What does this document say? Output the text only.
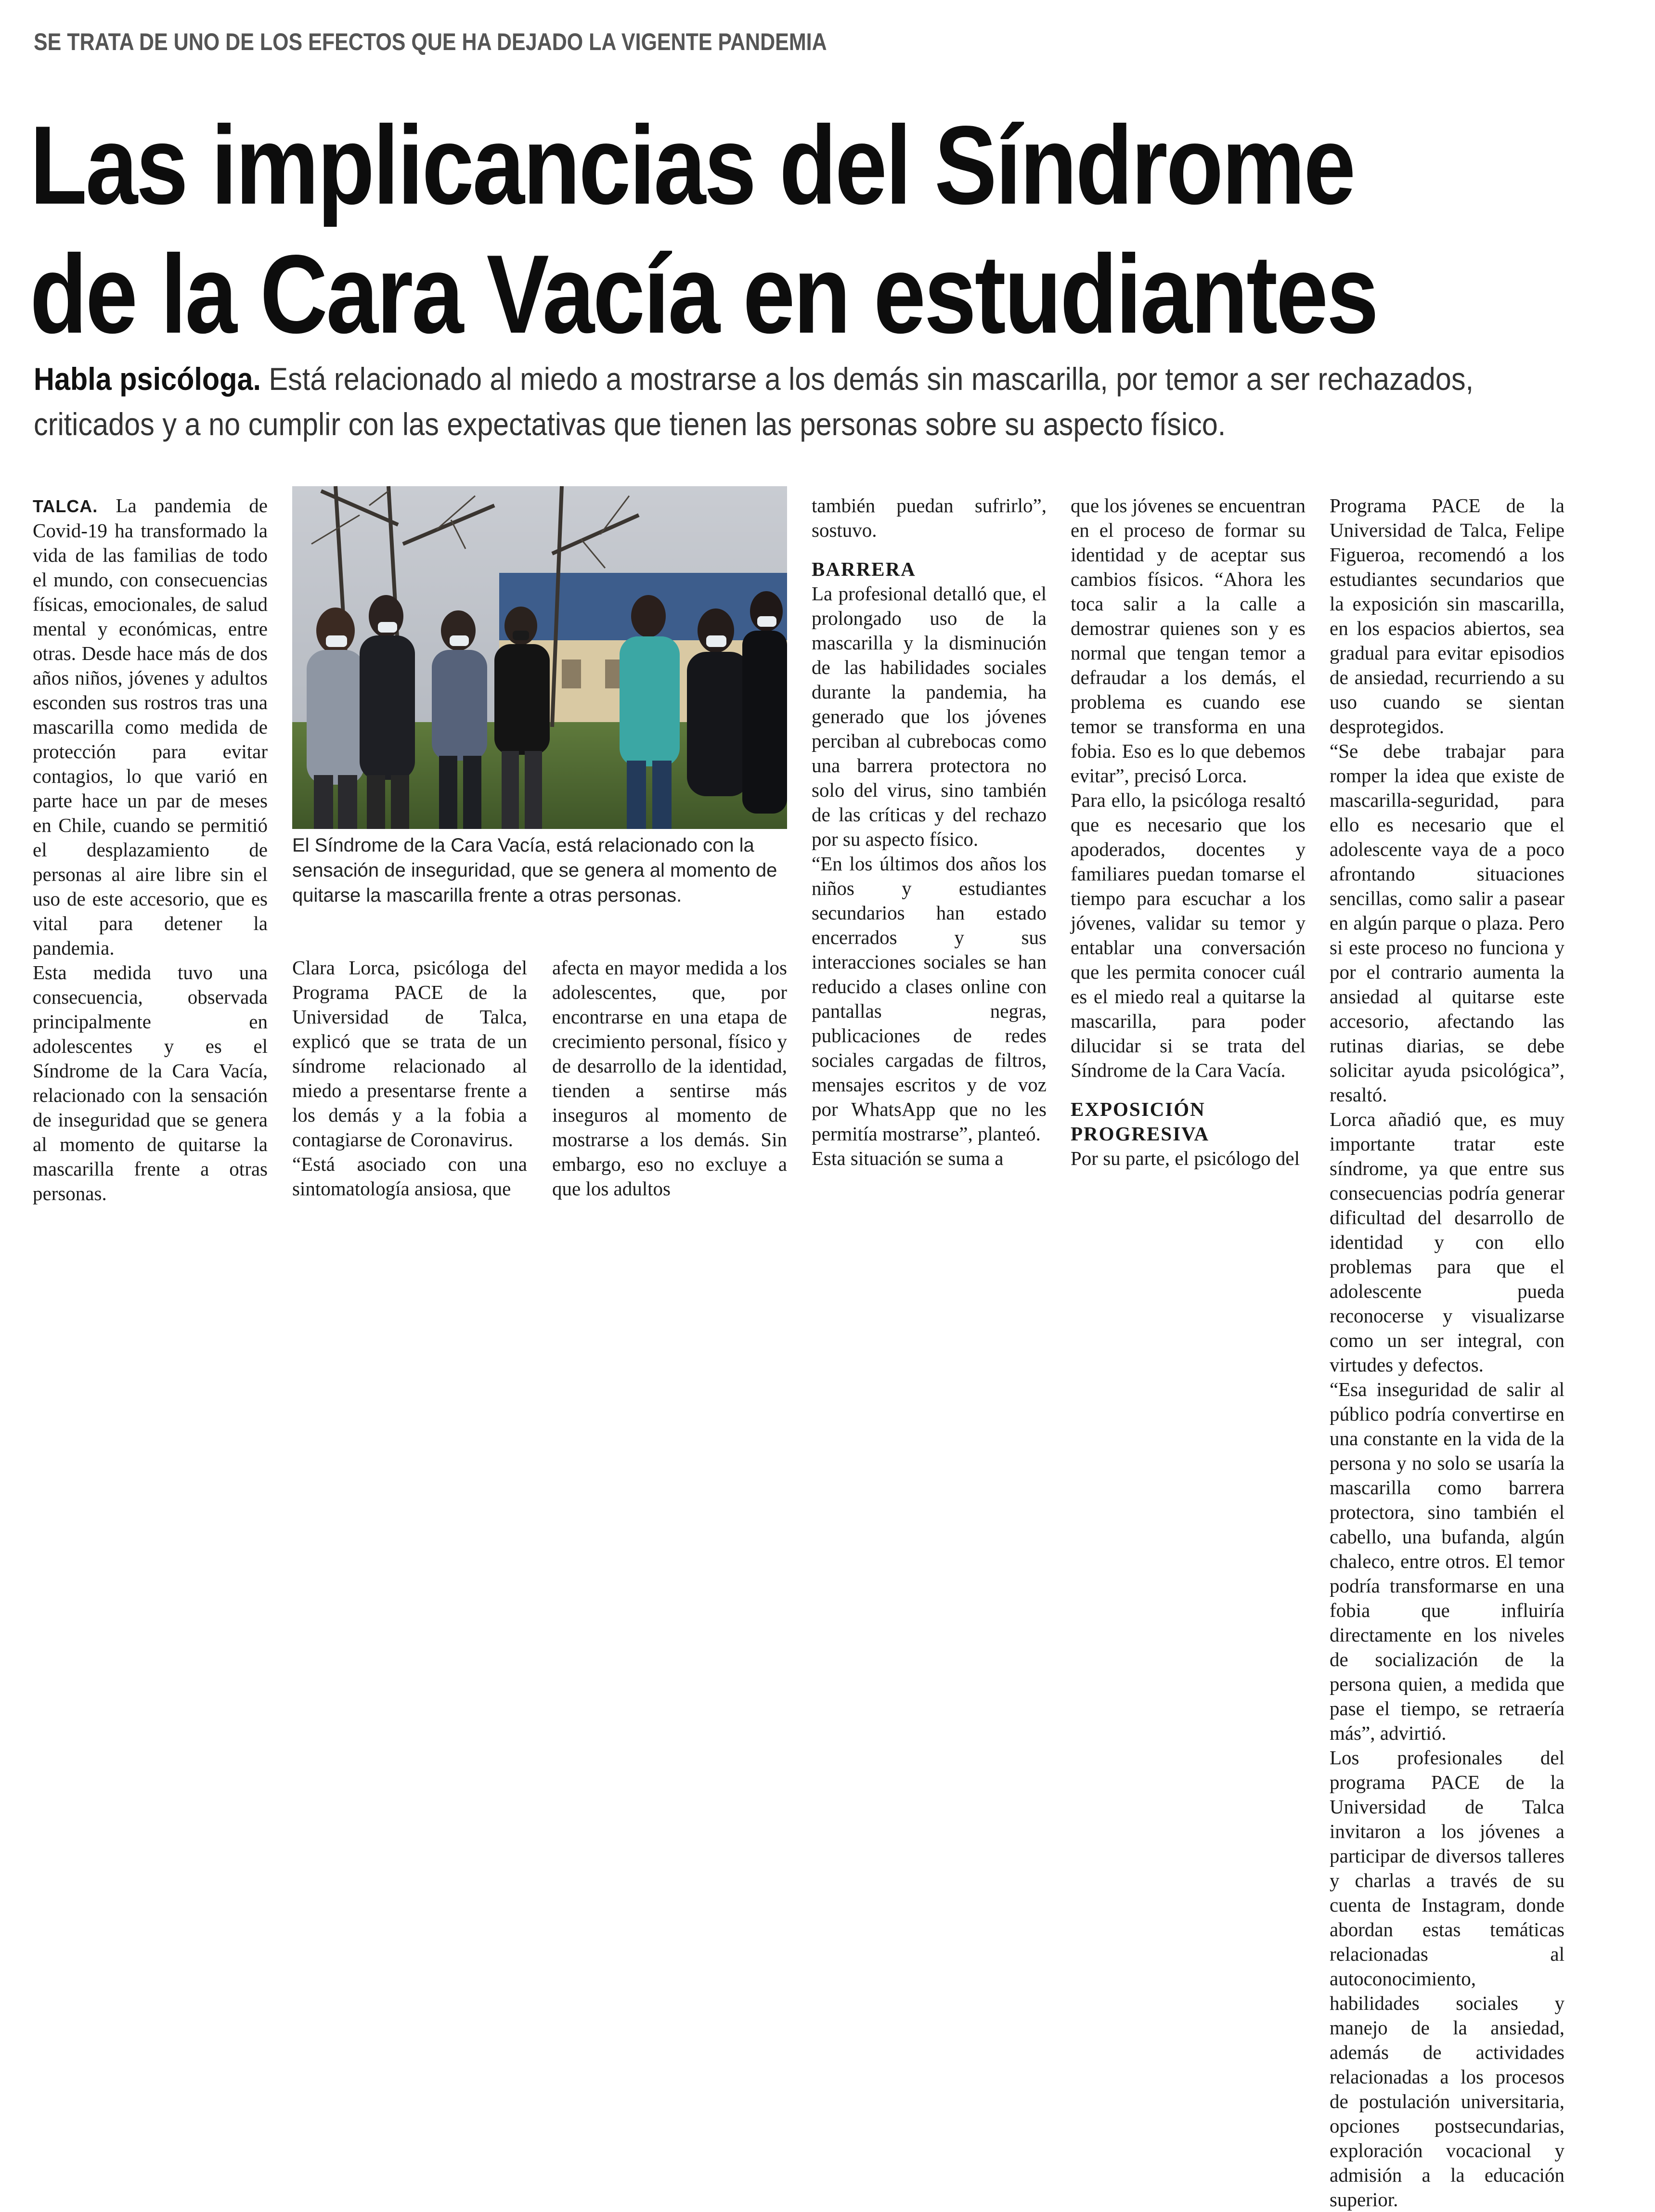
SE TRATA DE UNO DE LOS EFECTOS QUE HA DEJADO LA VIGENTE PANDEMIA
Las implicancias del Síndrome
de la Cara Vacía en estudiantes
Habla psicóloga. Está relacionado al miedo a mostrarse a los demás sin mascarilla, por temor a ser rechazados,
criticados y a no cumplir con las expectativas que tienen las personas sobre su aspecto físico.

TALCA. La pandemia de Covid-19 ha transformado la vida de las familias de todo el mundo, con consecuencias físicas, emocionales, de salud mental y económicas, entre otras. Desde hace más de dos años niños, jóvenes y adultos esconden sus rostros tras una mascarilla como medida de protección para evitar contagios, lo que varió en parte hace un par de meses en Chile, cuando se permitió el desplazamiento de personas al aire libre sin el uso de este accesorio, que es vital para detener la pandemia.

Esta medida tuvo una consecuencia, observada principalmente en adolescentes y es el Síndrome de la Cara Vacía, relacionado con la sensación de inseguridad que se genera al momento de quitarse la mascarilla frente a otras personas.

El Síndrome de la Cara Vacía, está relacionado con la sensación de inseguridad, que se genera al momento de quitarse la mascarilla frente a otras personas.

Clara Lorca, psicóloga del Programa PACE de la Universidad de Talca, explicó que se trata de un síndrome relacionado al miedo a presentarse frente a los demás y a la fobia a contagiarse de Coronavirus.

“Está asociado con una sintomatología ansiosa, que

afecta en mayor medida a los adolescentes, que, por encontrarse en una etapa de crecimiento personal, físico y de desarrollo de la identidad, tienden a sentirse más inseguros al momento de mostrarse a los demás. Sin embargo, eso no excluye a que los adultos

también puedan sufrirlo”, sostuvo.

BARRERA

La profesional detalló que, el prolongado uso de la mascarilla y la disminución de las habilidades sociales durante la pandemia, ha generado que los jóvenes perciban al cubrebocas como una barrera protectora no solo del virus, sino también de las críticas y del rechazo por su aspecto físico.

“En los últimos dos años los niños y estudiantes secundarios han estado encerrados y sus interacciones sociales se han reducido a clases online con pantallas negras, publicaciones de redes sociales cargadas de filtros, mensajes escritos y de voz por WhatsApp que no les permitía mostrarse”, planteó.

Esta situación se suma a

que los jóvenes se encuentran en el proceso de formar su identidad y de aceptar sus cambios físicos. “Ahora les toca salir a la calle a demostrar quienes son y es normal que tengan temor a defraudar a los demás, el problema es cuando ese temor se transforma en una fobia. Eso es lo que debemos evitar”, precisó Lorca.

Para ello, la psicóloga resaltó que es necesario que los apoderados, docentes y familiares puedan tomarse el tiempo para escuchar a los jóvenes, validar su temor y entablar una conversación que les permita conocer cuál es el miedo real a quitarse la mascarilla, para poder dilucidar si se trata del Síndrome de la Cara Vacía.

EXPOSICIÓN
PROGRESIVA

Por su parte, el psicólogo del

Programa PACE de la Universidad de Talca, Felipe Figueroa, recomendó a los estudiantes secundarios que la exposición sin mascarilla, en los espacios abiertos, sea gradual para evitar episodios de ansiedad, recurriendo a su uso cuando se sientan desprotegidos.

“Se debe trabajar para romper la idea que existe de mascarilla-seguridad, para ello es necesario que el adolescente vaya de a poco afrontando situaciones sencillas, como salir a pasear en algún parque o plaza. Pero si este proceso no funciona y por el contrario aumenta la ansiedad al quitarse este accesorio, afectando las rutinas diarias, se debe solicitar ayuda psicológica”, resaltó.

Lorca añadió que, es muy importante tratar este síndrome, ya que entre sus consecuencias podría generar dificultad del desarrollo de identidad y con ello problemas para que el adolescente pueda reconocerse y visualizarse como un ser integral, con virtudes y defectos.

“Esa inseguridad de salir al público podría convertirse en una constante en la vida de la persona y no solo se usaría la mascarilla como barrera protectora, sino también el cabello, una bufanda, algún chaleco, entre otros. El temor podría transformarse en una fobia que influiría directamente en los niveles de socialización de la persona quien, a medida que pase el tiempo, se retraería más”, advirtió.

Los profesionales del programa PACE de la Universidad de Talca invitaron a los jóvenes a participar de diversos talleres y charlas a través de su cuenta de Instagram, donde abordan estas temáticas relacionadas al autoconocimiento, habilidades sociales y manejo de la ansiedad, además de actividades relacionadas a los procesos de postulación universitaria, opciones postsecundarias, exploración vocacional y admisión a la educación superior.
